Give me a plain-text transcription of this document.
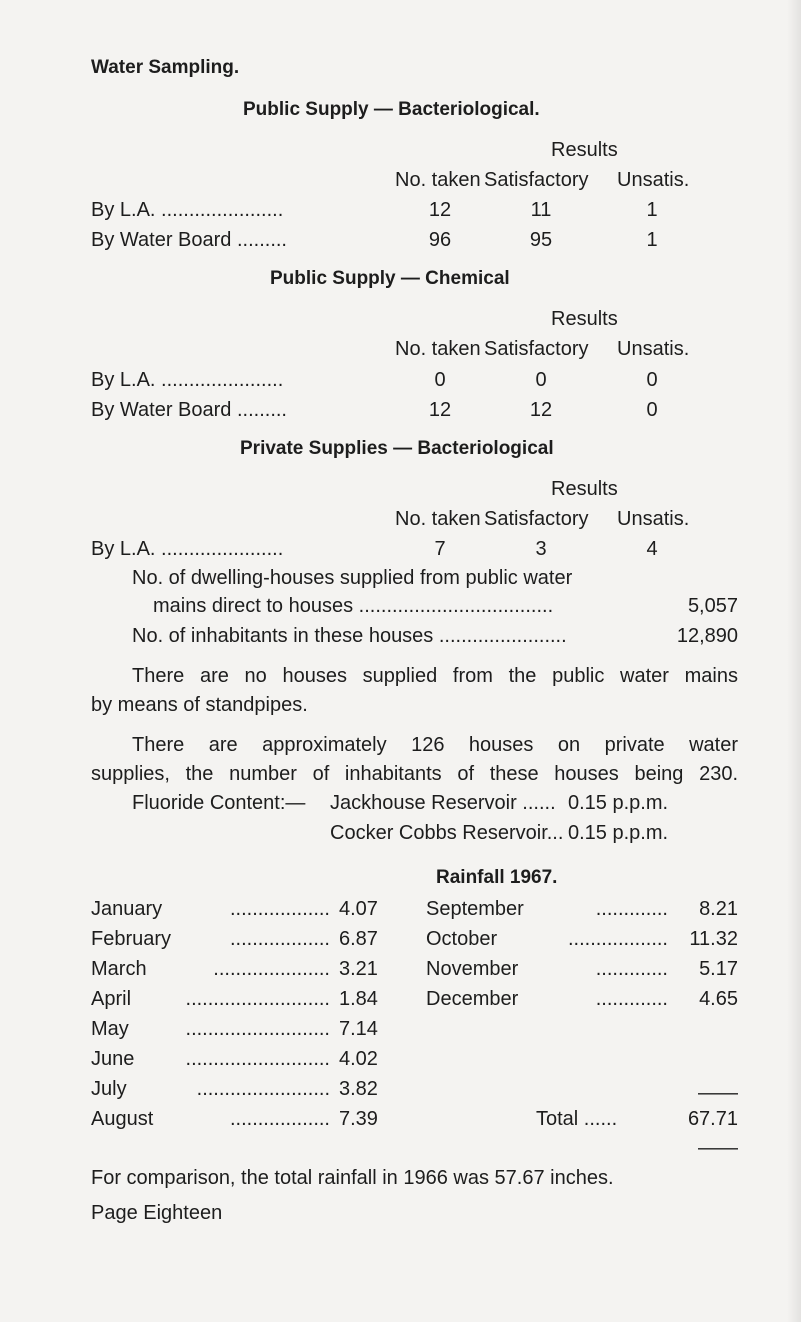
Water Sampling.
Public Supply — Bacteriological.
Results
No. taken Satisfactory Unsatis.
By L.A. ......................	12	11	1
By Water Board .........	96	95	1
Public Supply — Chemical
Results
No. taken Satisfactory Unsatis.
By L.A. ......................	0	0	0
By Water Board .........	12	12	0
Private Supplies — Bacteriological
Results
No. taken Satisfactory Unsatis.
By L.A. ......................	7	3	4
No. of dwelling-houses supplied from public water
mains direct to houses ...................................	5,057
No. of inhabitants in these houses .......................	12,890
There are no houses supplied from the public water mains
by means of standpipes.
There are approximately 126 houses on private water
supplies, the number of inhabitants of these houses being 230.
Fluoride Content:— Jackhouse Reservoir ...... 0.15 p.p.m.
Cocker Cobbs Reservoir... 0.15 p.p.m.
Rainfall 1967.
January	.................. 4.07
February	.................. 6.87
March	..................... 3.21
April	.......................... 1.84
May	.......................... 7.14
June	.......................... 4.02
July	........................ 3.82
August	.................. 7.39
September	.............	8.21
October	..................	11.32
November	.............	5.17
December	.............	4.65
——
Total ......	67.71
——
For comparison, the total rainfall in 1966 was 57.67 inches.
Page Eighteen
